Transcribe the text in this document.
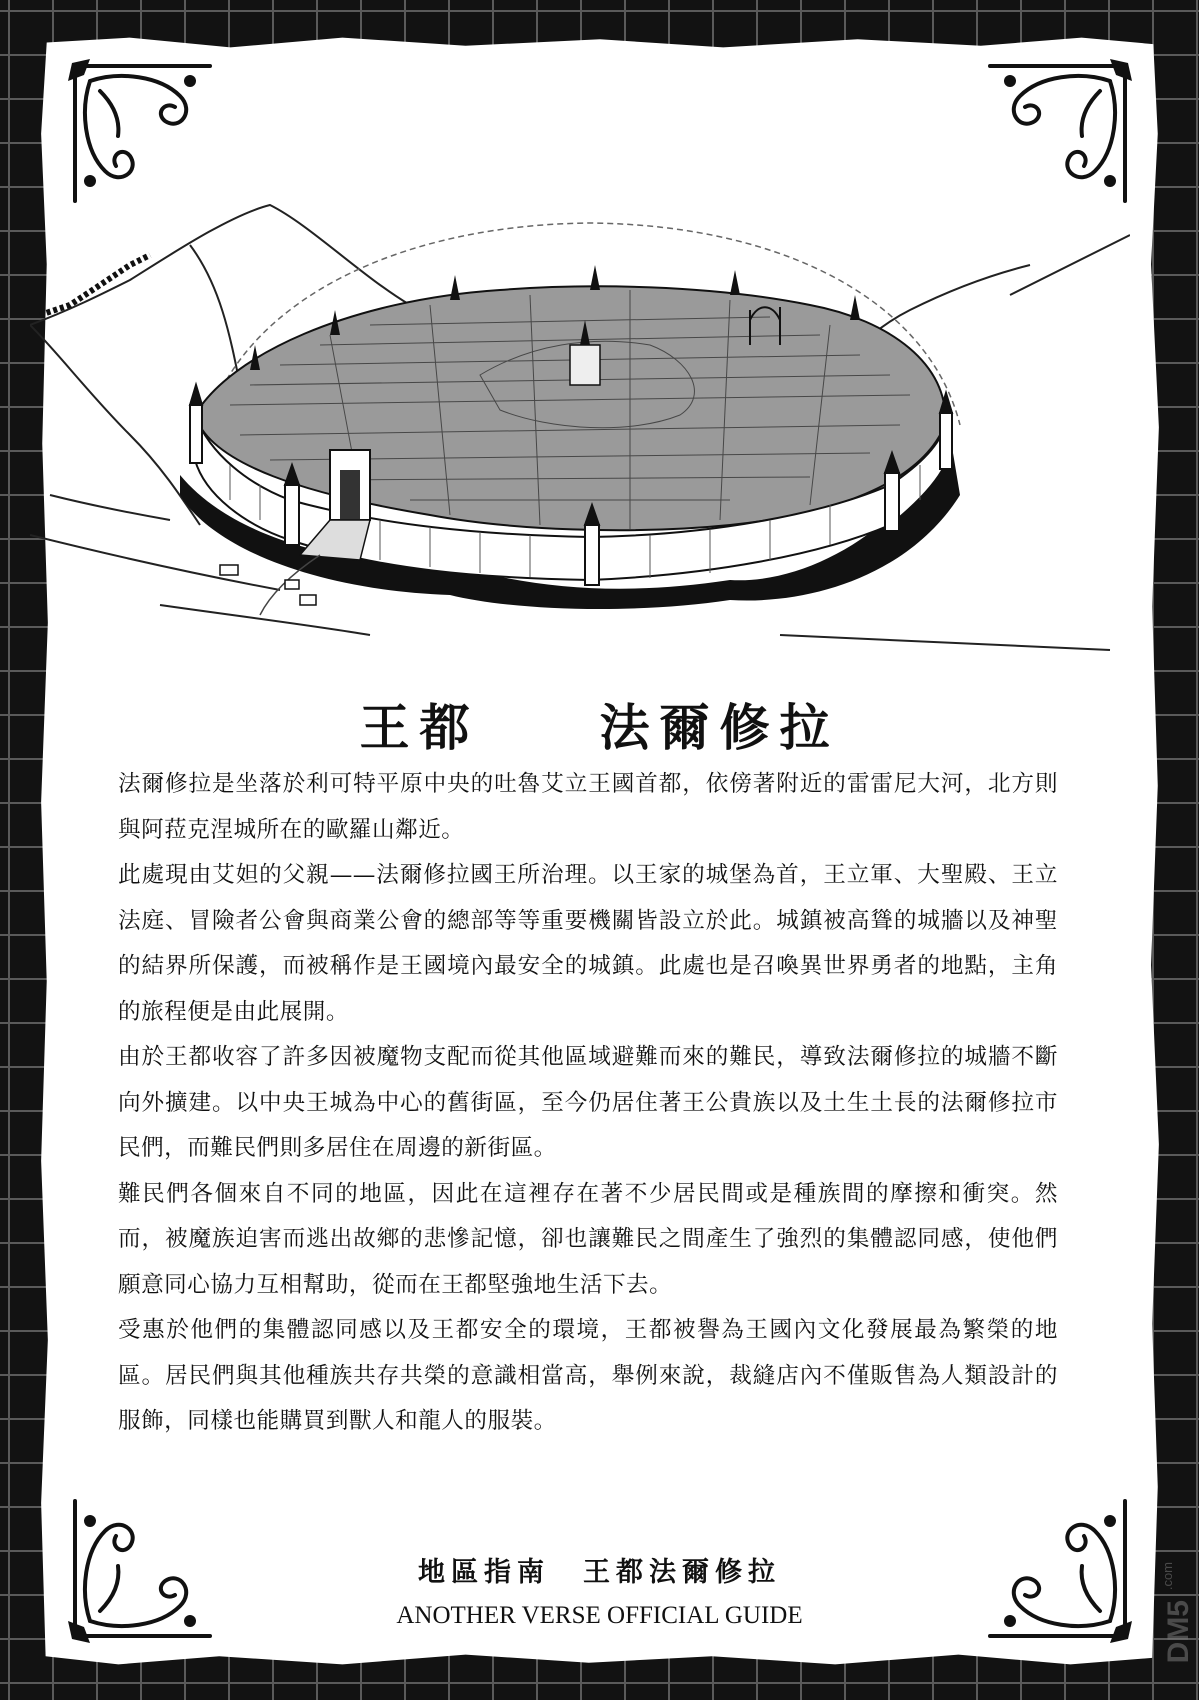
王都　　法爾修拉

法爾修拉是坐落於利可特平原中央的吐魯艾立王國首都，依傍著附近的雷雷尼大河，北方則與阿菈克涅城所在的歐羅山鄰近。

此處現由艾妲的父親——法爾修拉國王所治理。以王家的城堡為首，王立軍、大聖殿、王立法庭、冒險者公會與商業公會的總部等等重要機關皆設立於此。城鎮被高聳的城牆以及神聖的結界所保護，而被稱作是王國境內最安全的城鎮。此處也是召喚異世界勇者的地點，主角的旅程便是由此展開。

由於王都收容了許多因被魔物支配而從其他區域避難而來的難民，導致法爾修拉的城牆不斷向外擴建。以中央王城為中心的舊街區，至今仍居住著王公貴族以及土生土長的法爾修拉市民們，而難民們則多居住在周邊的新街區。

難民們各個來自不同的地區，因此在這裡存在著不少居民間或是種族間的摩擦和衝突。然而，被魔族迫害而逃出故鄉的悲慘記憶，卻也讓難民之間產生了強烈的集體認同感，使他們願意同心協力互相幫助，從而在王都堅強地生活下去。

受惠於他們的集體認同感以及王都安全的環境，王都被譽為王國內文化發展最為繁榮的地區。居民們與其他種族共存共榮的意識相當高，舉例來說，裁縫店內不僅販售為人類設計的服飾，同樣也能購買到獸人和龍人的服裝。

地區指南　王都法爾修拉
ANOTHER VERSE OFFICIAL GUIDE
.com
DM5
